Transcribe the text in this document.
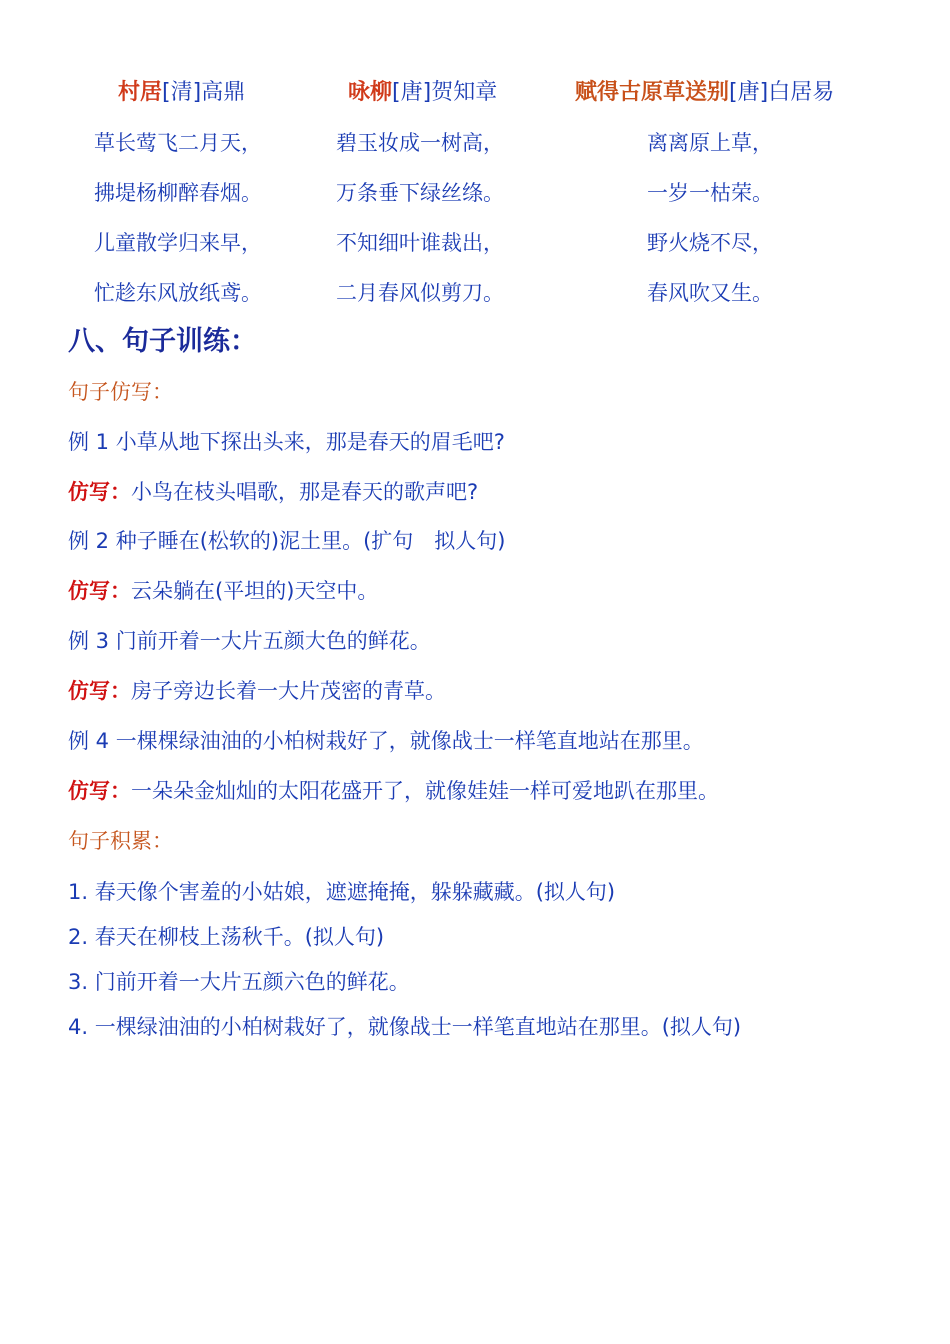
村居[清]高鼎
草长莺飞二月天，
拂堤杨柳醉春烟。
儿童散学归来早，
忙趁东风放纸鸢。
咏柳[唐]贺知章
碧玉妆成一树高，
万条垂下绿丝绦。
不知细叶谁裁出，
二月春风似剪刀。
赋得古原草送别[唐]白居易
离离原上草，
一岁一枯荣。
野火烧不尽，
春风吹又生。
八、句子训练：
句子仿写：
例 1 小草从地下探出头来，那是春天的眉毛吧?
仿写：小鸟在枝头唱歌，那是春天的歌声吧?
例 2 种子睡在(松软的)泥土里。(扩句　拟人句)
仿写：云朵躺在(平坦的)天空中。
例 3 门前开着一大片五颜大色的鲜花。
仿写：房子旁边长着一大片茂密的青草。
例 4 一棵棵绿油油的小柏树栽好了，就像战士一样笔直地站在那里。
仿写：一朵朵金灿灿的太阳花盛开了，就像娃娃一样可爱地趴在那里。
句子积累：
1. 春天像个害羞的小姑娘，遮遮掩掩，躲躲藏藏。(拟人句)
2. 春天在柳枝上荡秋千。(拟人句)
3. 门前开着一大片五颜六色的鲜花。
4. 一棵绿油油的小柏树栽好了，就像战士一样笔直地站在那里。(拟人句)
